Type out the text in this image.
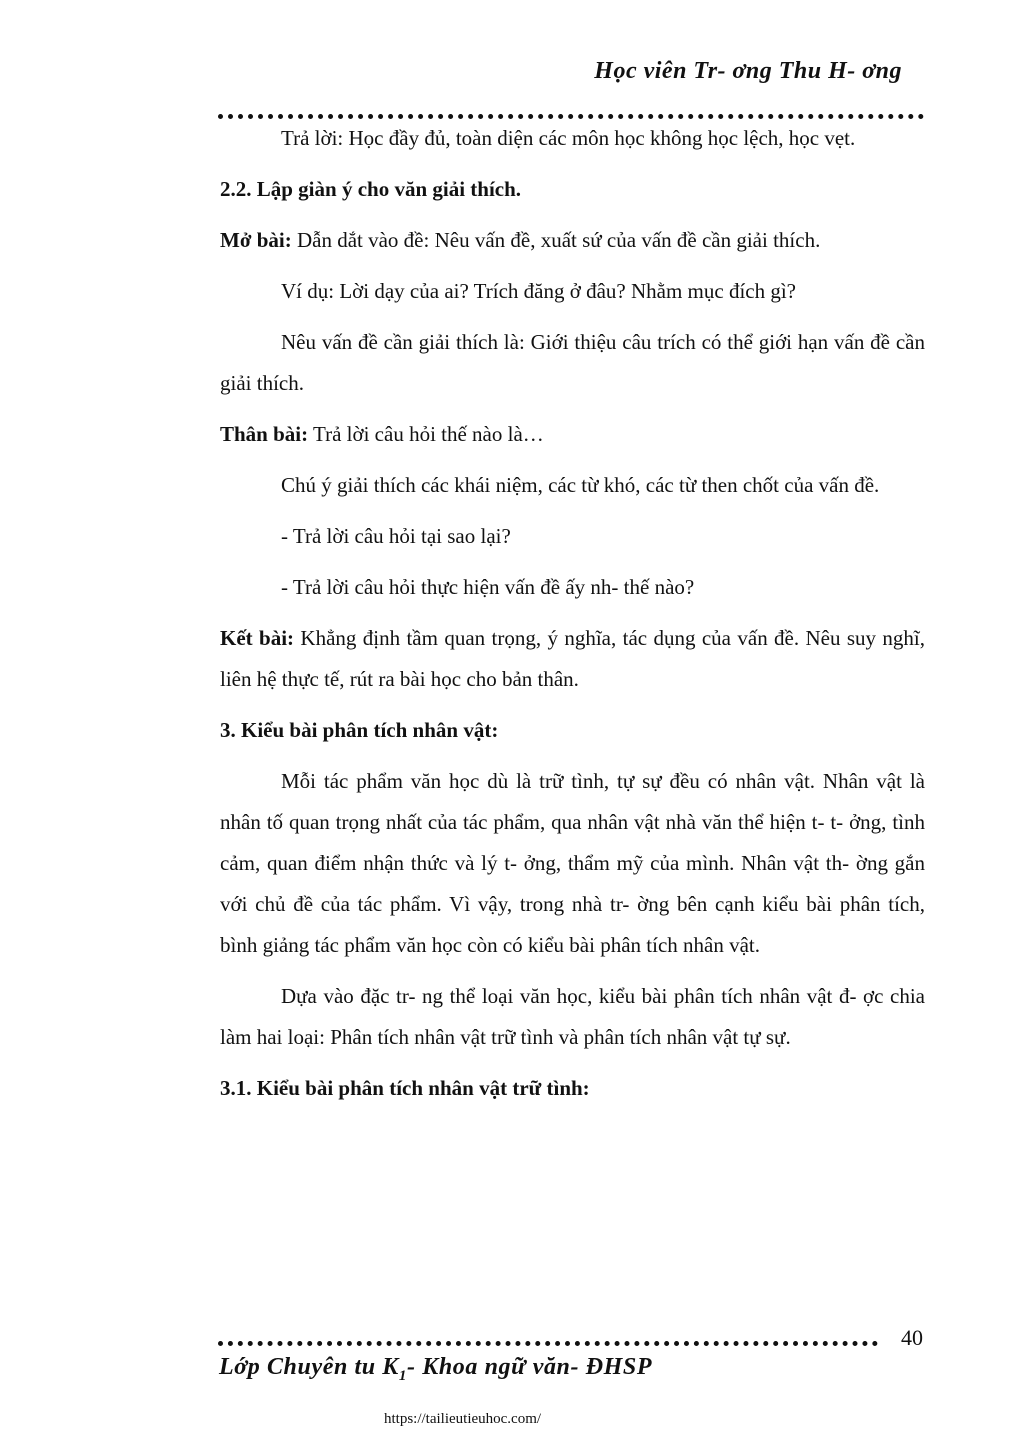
Học viên Tr- ơng Thu H- ơng

Trả lời: Học đầy đủ, toàn diện các môn học không học lệch, học vẹt.

2.2. Lập giàn ý cho văn giải thích.

Mở bài: Dẫn dắt vào đề: Nêu vấn đề, xuất sứ của vấn đề cần giải thích.

Ví dụ: Lời dạy của ai? Trích đăng ở đâu? Nhằm mục đích gì?

Nêu vấn đề cần giải thích là: Giới thiệu câu trích có thể giới hạn vấn đề cần giải thích.

Thân bài: Trả lời câu hỏi thế nào là…

Chú ý giải thích các khái niệm, các từ khó, các từ then chốt của vấn đề.

- Trả lời câu hỏi tại sao lại?

- Trả lời câu hỏi thực hiện vấn đề ấy nh- thế nào?

Kết bài: Khẳng định tầm quan trọng, ý nghĩa, tác dụng của vấn đề. Nêu suy nghĩ, liên hệ thực tế, rút ra bài học cho bản thân.

3. Kiểu bài phân tích nhân vật:

Mỗi tác phẩm văn học dù là trữ tình, tự sự đều có nhân vật. Nhân vật là nhân tố quan trọng nhất của tác phẩm, qua nhân vật nhà văn thể hiện t- t- ởng, tình cảm, quan điểm nhận thức và lý t- ởng, thẩm mỹ của mình. Nhân vật th- ờng gắn với chủ đề của tác phẩm. Vì vậy, trong nhà tr- ờng bên cạnh kiểu bài phân tích, bình giảng tác phẩm văn học còn có kiểu bài phân tích nhân vật.

Dựa vào đặc tr- ng thể loại văn học, kiểu bài phân tích nhân vật đ- ợc chia làm hai loại: Phân tích nhân vật trữ tình và phân tích nhân vật tự sự.

3.1. Kiểu bài phân tích nhân vật trữ tình:

40
Lớp Chuyên tu $K_1-$ Khoa ngữ văn- ĐHSP
https://tailieutieuhoc.com/
